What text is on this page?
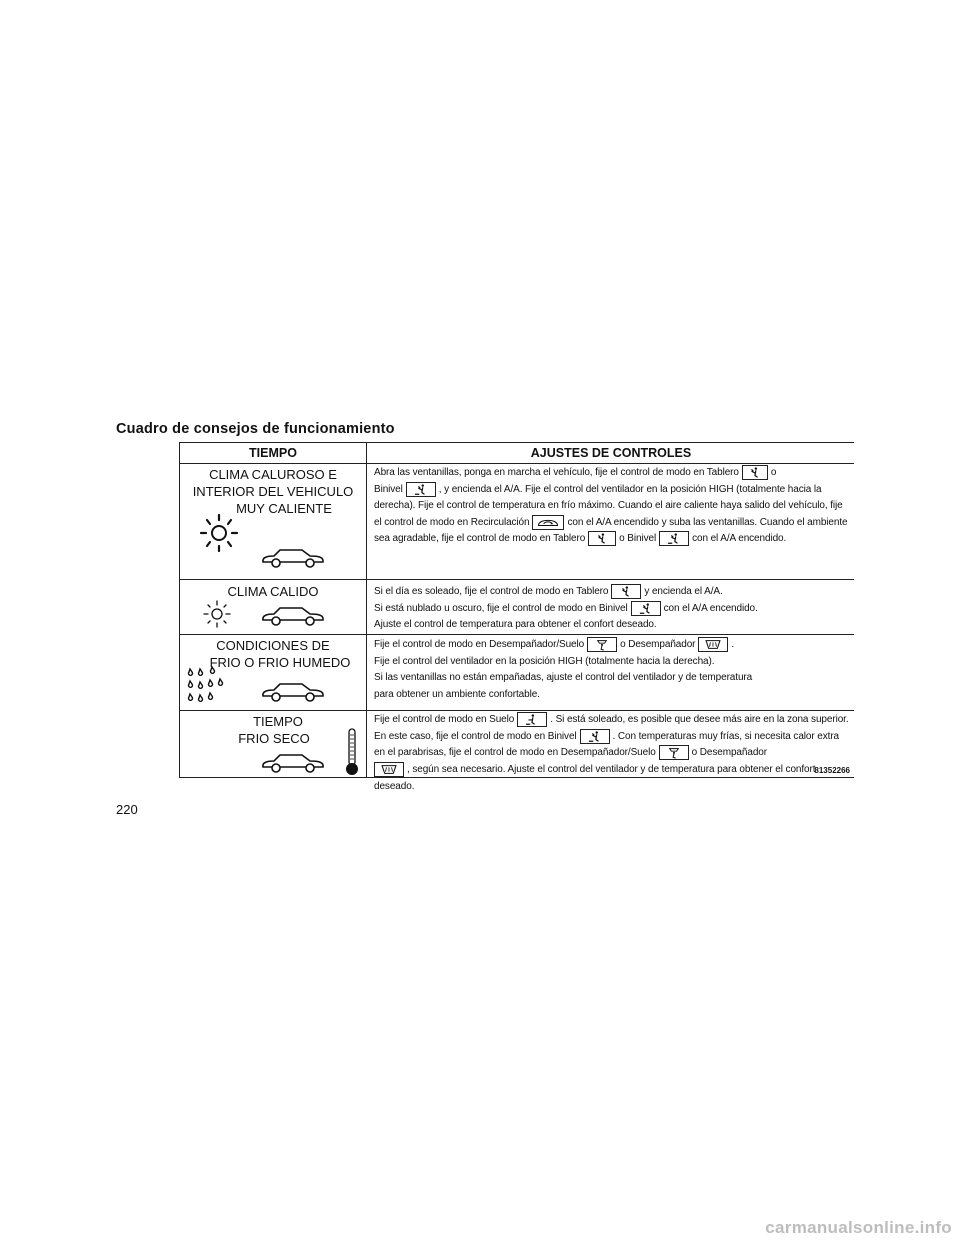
Cuadro de consejos de funcionamiento
TIEMPO	AJUSTES DE CONTROLES
CLIMA CALUROSO E
INTERIOR DEL VEHICULO
MUY CALIENTE
Abra las ventanillas, ponga en marcha el vehículo, fije el control de modo en Tablero	o
Binivel	, y encienda el A/A. Fije el control del ventilador en la posición HIGH (totalmente hacia la derecha). Fije el control de temperatura en frío máximo. Cuando el aire caliente haya salido del vehículo, fije el control de modo en Recirculación	con el A/A encendido y suba las ventanillas. Cuando el ambiente sea agradable, fije el control de modo en Tablero	o Binivel	con el A/A encendido.
CLIMA CALIDO	Si el día es soleado, fije el control de modo en Tablero	y encienda el A/A.
Si está nublado u oscuro, fije el control de modo en Binivel	con el A/A encendido.
Ajuste el control de temperatura para obtener el confort deseado.
CONDICIONES DE
FRIO O FRIO HUMEDO
Fije el control de modo en Desempañador/Suelo	o Desempañador	.
Fije el control del ventilador en la posición HIGH (totalmente hacia la derecha).
Si las ventanillas no están empañadas, ajuste el control del ventilador y de temperatura
para obtener un ambiente confortable.
TIEMPO
FRIO SECO
Fije el control de modo en Suelo	. Si está soleado, es posible que desee más aire en la zona superior. En este caso, fije el control de modo en Binivel	. Con temperaturas muy frías, si necesita calor extra en el parabrisas, fije el control de modo en Desempañador/Suelo	o Desempañador

, según sea necesario. Ajuste el control del ventilador y de temperatura para obtener el confort deseado.
81352266
220
carmanualsonline.info
